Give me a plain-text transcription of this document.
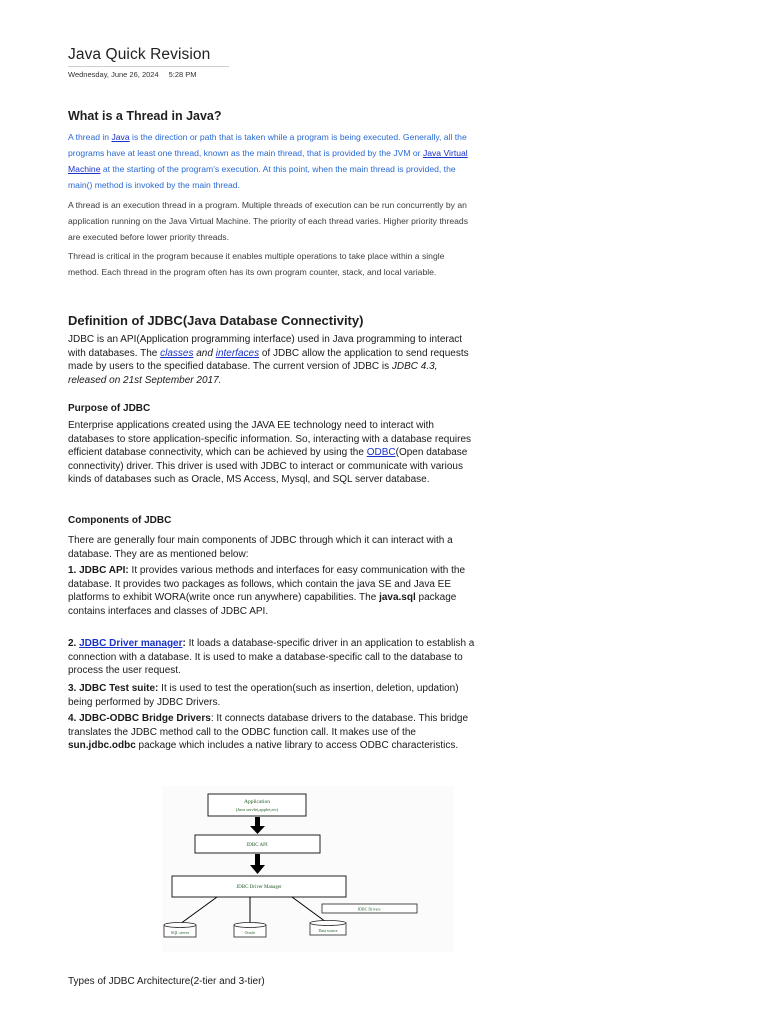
Java Quick Revision
Wednesday, June 26, 2024 5:28 PM
What is a Thread in Java?

A thread in Java is the direction or path that is taken while a program is being executed. Generally, all the programs have at least one thread, known as the main thread, that is provided by the JVM or Java Virtual Machine at the starting of the program's execution. At this point, when the main thread is provided, the main() method is invoked by the main thread.

A thread is an execution thread in a program. Multiple threads of execution can be run concurrently by an application running on the Java Virtual Machine. The priority of each thread varies. Higher priority threads are executed before lower priority threads.

Thread is critical in the program because it enables multiple operations to take place within a single method. Each thread in the program often has its own program counter, stack, and local variable.

Definition of JDBC(Java Database Connectivity)

JDBC is an API(Application programming interface) used in Java programming to interact with databases. The classes and interfaces of JDBC allow the application to send requests made by users to the specified database. The current version of JDBC is JDBC 4.3, released on 21st September 2017.

Purpose of JDBC

Enterprise applications created using the JAVA EE technology need to interact with databases to store application-specific information. So, interacting with a database requires efficient database connectivity, which can be achieved by using the ODBC(Open database connectivity) driver. This driver is used with JDBC to interact or communicate with various kinds of databases such as Oracle, MS Access, Mysql, and SQL server database.

Components of JDBC

There are generally four main components of JDBC through which it can interact with a database. They are as mentioned below:

1. JDBC API: It provides various methods and interfaces for easy communication with the database. It provides two packages as follows, which contain the java SE and Java EE platforms to exhibit WORA(write once run anywhere) capabilities. The java.sql package contains interfaces and classes of JDBC API.

2. JDBC Driver manager: It loads a database-specific driver in an application to establish a connection with a database. It is used to make a database-specific call to the database to process the user request.

3. JDBC Test suite: It is used to test the operation(such as insertion, deletion, updation) being performed by JDBC Drivers.

4. JDBC-ODBC Bridge Drivers: It connects database drivers to the database. This bridge translates the JDBC method call to the ODBC function call. It makes use of the sun.jdbc.odbc package which includes a native library to access ODBC characteristics.

Types of JDBC Architecture(2-tier and 3-tier)

Application
(Java servlet,applet,etc)
JDBC API
JDBC Driver Manager
JDBC Drivers
SQL server	Oracle	Data source
